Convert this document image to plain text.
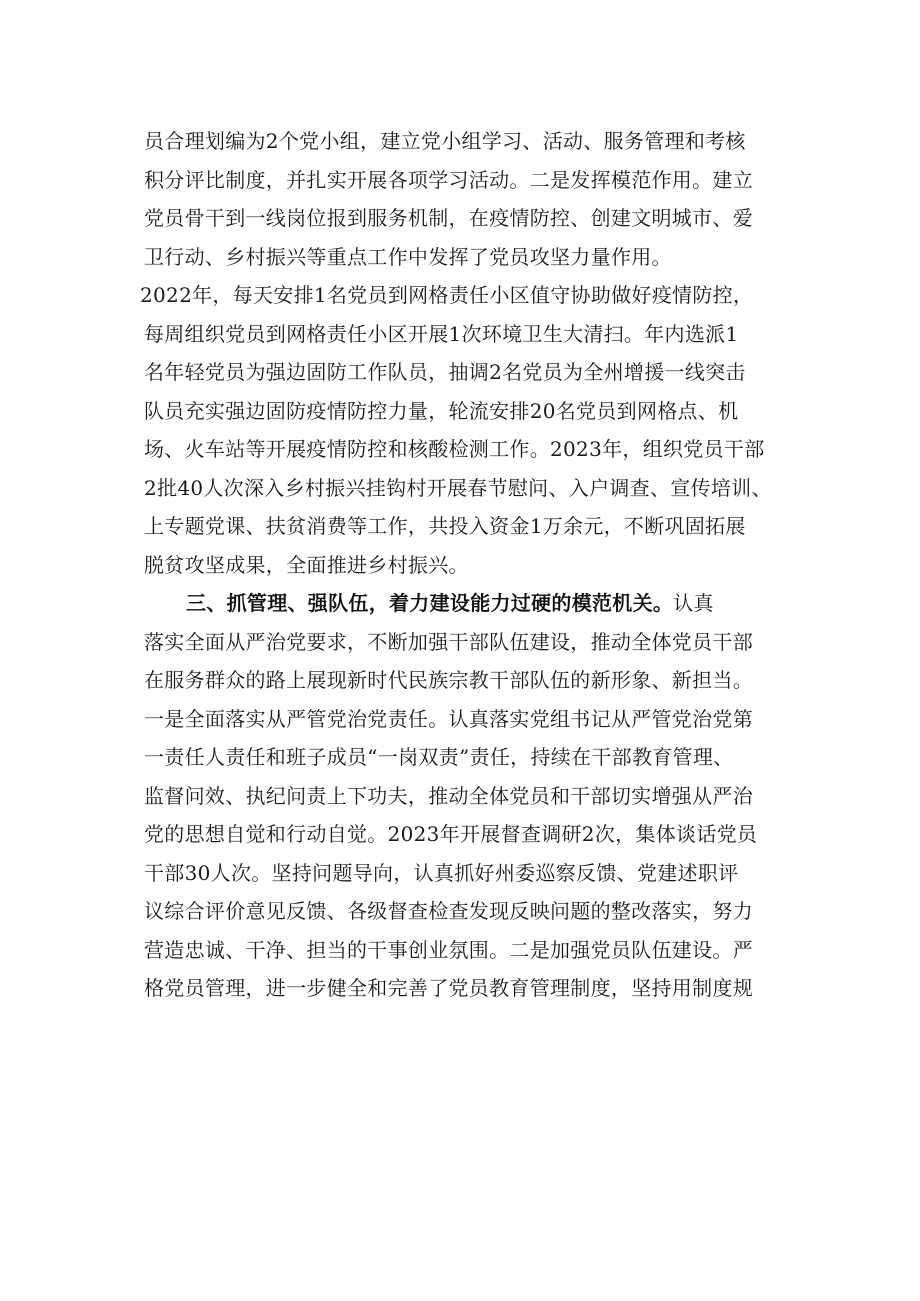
员合理划编为2个党小组，建立党小组学习、活动、服务管理和考核
积分评比制度，并扎实开展各项学习活动。二是发挥模范作用。建立
党员骨干到一线岗位报到服务机制，在疫情防控、创建文明城市、爱
卫行动、乡村振兴等重点工作中发挥了党员攻坚力量作用。
2022年，每天安排1名党员到网格责任小区值守协助做好疫情防控，
每周组织党员到网格责任小区开展1次环境卫生大清扫。年内选派1
名年轻党员为强边固防工作队员，抽调2名党员为全州增援一线突击
队员充实强边固防疫情防控力量，轮流安排20名党员到网格点、机
场、火车站等开展疫情防控和核酸检测工作。2023年，组织党员干部
2批40人次深入乡村振兴挂钩村开展春节慰问、入户调查、宣传培训、
上专题党课、扶贫消费等工作，共投入资金1万余元，不断巩固拓展
脱贫攻坚成果，全面推进乡村振兴。
三、抓管理、强队伍，着力建设能力过硬的模范机关。认真
落实全面从严治党要求，不断加强干部队伍建设，推动全体党员干部
在服务群众的路上展现新时代民族宗教干部队伍的新形象、新担当。
一是全面落实从严管党治党责任。认真落实党组书记从严管党治党第
一责任人责任和班子成员“一岗双责”责任，持续在干部教育管理、
监督问效、执纪问责上下功夫，推动全体党员和干部切实增强从严治
党的思想自觉和行动自觉。2023年开展督查调研2次，集体谈话党员
干部30人次。坚持问题导向，认真抓好州委巡察反馈、党建述职评
议综合评价意见反馈、各级督查检查发现反映问题的整改落实，努力
营造忠诚、干净、担当的干事创业氛围。二是加强党员队伍建设。严
格党员管理，进一步健全和完善了党员教育管理制度，坚持用制度规
